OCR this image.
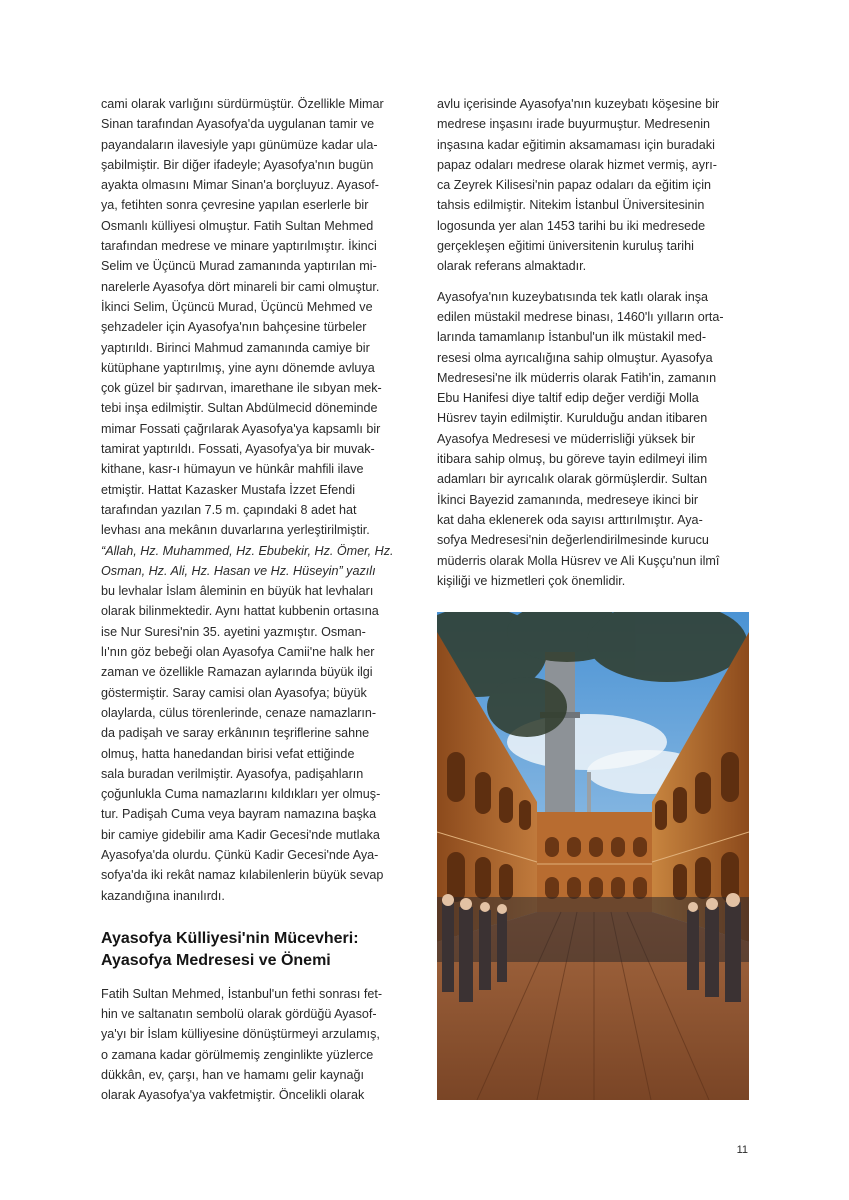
cami olarak varlığını sürdürmüştür. Özellikle Mimar
Sinan tarafından Ayasofya'da uygulanan tamir ve
payandaların ilavesiyle yapı günümüze kadar ula-
şabilmiştir. Bir diğer ifadeyle; Ayasofya'nın bugün
ayakta olmasını Mimar Sinan'a borçluyuz. Ayasof-
ya, fetihten sonra çevresine yapılan eserlerle bir
Osmanlı külliyesi olmuştur. Fatih Sultan Mehmed
tarafından medrese ve minare yaptırılmıştır. İkinci
Selim ve Üçüncü Murad zamanında yaptırılan mi-
narelerle Ayasofya dört minareli bir cami olmuştur.
İkinci Selim, Üçüncü Murad, Üçüncü Mehmed ve
şehzadeler için Ayasofya'nın bahçesine türbeler
yaptırıldı. Birinci Mahmud zamanında camiye bir
kütüphane yaptırılmış, yine aynı dönemde avluya
çok güzel bir şadırvan, imarethane ile sıbyan mek-
tebi inşa edilmiştir. Sultan Abdülmecid döneminde
mimar Fossati çağrılarak Ayasofya'ya kapsamlı bir
tamirat yaptırıldı. Fossati, Ayasofya'ya bir muvak-
kithane, kasr-ı hümayun ve hünkâr mahfili ilave
etmiştir. Hattat Kazasker Mustafa İzzet Efendi
tarafından yazılan 7.5 m. çapındaki 8 adet hat
levhası ana mekânın duvarlarına yerleştirilmiştir.
“Allah, Hz. Muhammed, Hz. Ebubekir, Hz. Ömer, Hz.
Osman, Hz. Ali, Hz. Hasan ve Hz. Hüseyin” yazılı
bu levhalar İslam âleminin en büyük hat levhaları
olarak bilinmektedir. Aynı hattat kubbenin ortasına
ise Nur Suresi'nin 35. ayetini yazmıştır. Osman-
lı'nın göz bebeği olan Ayasofya Camii'ne halk her
zaman ve özellikle Ramazan aylarında büyük ilgi
göstermiştir. Saray camisi olan Ayasofya; büyük
olaylarda, cülus törenlerinde, cenaze namazların-
da padişah ve saray erkânının teşriflerine sahne
olmuş, hatta hanedandan birisi vefat ettiğinde
sala buradan verilmiştir. Ayasofya, padişahların
çoğunlukla Cuma namazlarını kıldıkları yer olmuş-
tur. Padişah Cuma veya bayram namazına başka
bir camiye gidebilir ama Kadir Gecesi'nde mutlaka
Ayasofya'da olurdu. Çünkü Kadir Gecesi'nde Aya-
sofya'da iki rekât namaz kılabilenlerin büyük sevap
kazandığına inanılırdı.
Ayasofya Külliyesi'nin Mücevheri:
Ayasofya Medresesi ve Önemi
Fatih Sultan Mehmed, İstanbul'un fethi sonrası fet-
hin ve saltanatın sembolü olarak gördüğü Ayasof-
ya'yı bir İslam külliyesine dönüştürmeyi arzulamış,
o zamana kadar görülmemiş zenginlikte yüzlerce
dükkân, ev, çarşı, han ve hamamı gelir kaynağı
olarak Ayasofya'ya vakfetmiştir. Öncelikli olarak
avlu içerisinde Ayasofya'nın kuzeybatı köşesine bir
medrese inşasını irade buyurmuştur. Medresenin
inşasına kadar eğitimin aksamaması için buradaki
papaz odaları medrese olarak hizmet vermiş, ayrı-
ca Zeyrek Kilisesi'nin papaz odaları da eğitim için
tahsis edilmiştir. Nitekim İstanbul Üniversitesinin
logosunda yer alan 1453 tarihi bu iki medresede
gerçekleşen eğitimi üniversitenin kuruluş tarihi
olarak referans almaktadır.
Ayasofya'nın kuzeybatısında tek katlı olarak inşa
edilen müstakil medrese binası, 1460'lı yılların orta-
larında tamamlanıp İstanbul'un ilk müstakil med-
resesi olma ayrıcalığına sahip olmuştur. Ayasofya
Medresesi'ne ilk müderris olarak Fatih'in, zamanın
Ebu Hanifesi diye taltif edip değer verdiği Molla
Hüsrev tayin edilmiştir. Kurulduğu andan itibaren
Ayasofya Medresesi ve müderrisliği yüksek bir
itibara sahip olmuş, bu göreve tayin edilmeyi ilim
adamları bir ayrıcalık olarak görmüşlerdir. Sultan
İkinci Bayezid zamanında, medreseye ikinci bir
kat daha eklenerek oda sayısı arttırılmıştır. Aya-
sofya Medresesi'nin değerlendirilmesinde kurucu
müderris olarak Molla Hüsrev ve Ali Kuşçu'nun ilmî
kişiliği ve hizmetleri çok önemlidir.
11
